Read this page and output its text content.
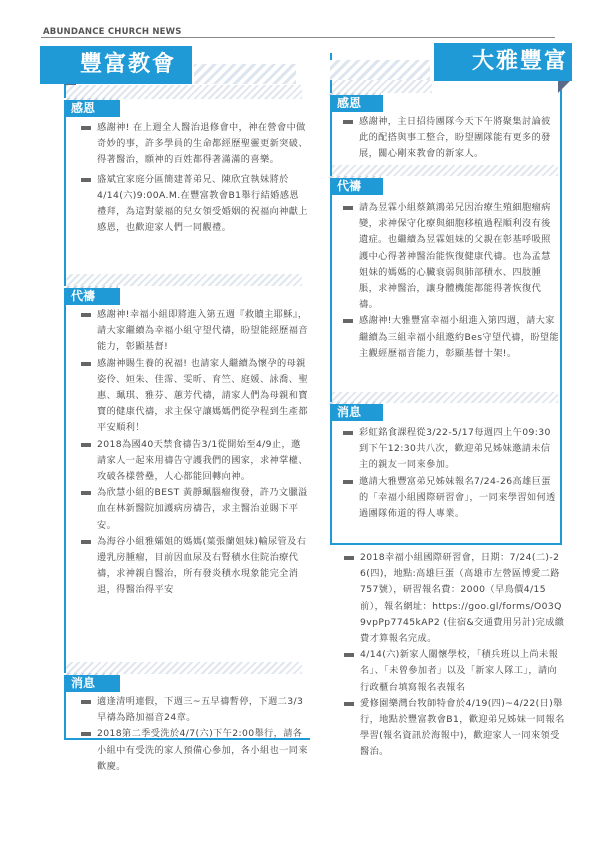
ABUNDANCE CHURCH NEWS
豐富教會
感恩
感謝神! 在上週全人醫治退修會中，神在營會中做奇妙的事，許多學員的生命都經歷聖靈更新突破、得著醫治，願神的百姓都得著滿滿的喜樂。
盛斌宜家庭分區簡建菁弟兄、陳欣宜執妹將於4/14(六)9:00A.M.在豐富教會B1舉行結婚感恩禮拜，為這對蒙福的兒女領受婚姻的祝福向神獻上感恩，也歡迎家人們一同觀禮。
代禱
感謝神!幸福小組即將進入第五週『救贖主耶穌』，請大家繼續為幸福小組守望代禱，盼望能經歷福音能力，彰顯基督!
感謝神賜生養的祝福! 也請家人繼續為懷孕的母親姿伶、姮朱、佳霈、雯昕、育竺、庭媛、詠喬、聖惠、珮琪、雅芬、蕙芳代禱，請家人們為母親和寶寶的健康代禱，求主保守讓媽媽們從孕程到生產都平安順利！
2018為國40天禁食禱告3/1從開始至4/9止，邀請家人一起來用禱告守護我們的國家，求神掌權、攻破各樣營壘，人心都能回轉向神。
為欣慧小組的BEST 黃靜珮腦瘤復發，許乃文臘溢血在林新醫院加護病房禱告，求主醫治並賜下平安。
為海谷小組雅孀姐的媽媽(葉張蘭姐妹)輸尿管及右邊乳房腫瘤，目前因血尿及右腎積水住院治療代禱，求神親自醫治，所有發炎積水現象能完全消退，得醫治得平安
消息
適逢清明連假，下週三~五早禱暫停，下週二3/3早禱為路加福音24章。
2018第二季受洗於4/7(六)下午2:00舉行，請各小組中有受洗的家人預備心參加，各小組也一同來歡慶。
大雅豐富
感恩
感謝神，主日招待團隊今天下午將聚集討論彼此的配搭與事工整合，盼望團隊能有更多的發展，關心剛來教會的新家人。
代禱
請為昱霖小組蔡鎮鴻弟兄因治療生殖細胞瘤病變，求神保守化療與細胞移植過程順利沒有後遺症。也繼續為昱霖姐妹的父親在彰基呼吸照護中心得著神醫治能恢復健康代禱。也為孟慧姐妹的媽媽的心臟衰弱與肺部積水、四肢腫脹，求神醫治，讓身體機能都能得著恢復代禱。
感謝神!大雅豐富幸福小組進入第四週，請大家繼續為三組幸福小組邀約Bes守望代禱，盼望能主觀經歷福音能力，彰顯基督十架!。
消息
彩虹銘食課程從3/22-5/17每週四上午09:30到下午12:30共八次，歡迎弟兄姊妹邀請未信主的親友一同來參加。
邀請大雅豐富弟兄姊妹報名7/24-26高雄巨蛋的「幸福小組國際研習會」，一同來學習如何透過團隊佈道的得人專業。
2018幸福小組國際研習會，日期：7/24(二)-26(四)，地點:高雄巨蛋（高雄市左營區博愛二路757號），研習報名費：2000（早鳥價4/15前），報名網址：https://goo.gl/forms/O03Q9vpPp7745kAP2 (住宿&交通費用另計)完成繳費才算報名完成。
4/14(六)新家人關懷學校，「積兵班以上尚未報名」、「未曾參加者」以及「新家人隊工」，請向行政櫃台填寫報名表報名
愛修園樂灣台牧師特會於4/19(四)~4/22(日)舉行，地點於豐富教會B1，歡迎弟兄姊妹一同報名學習(報名資訊於海報中)，歡迎家人一同來領受醫治。
